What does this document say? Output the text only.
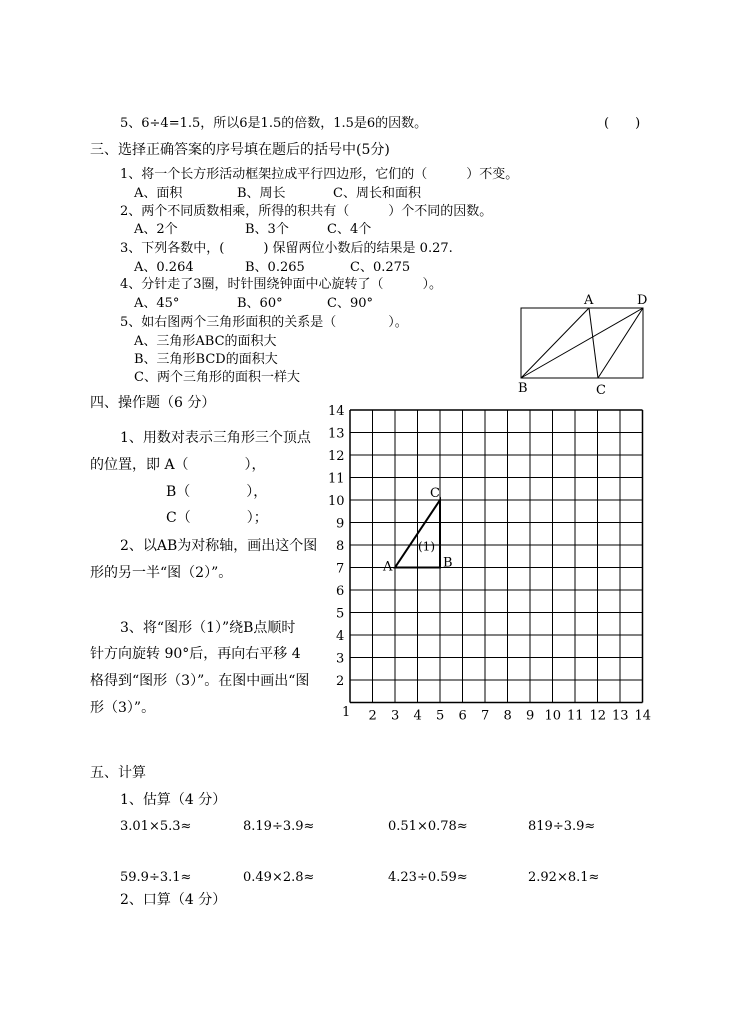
5、6÷4=1.5，所以6是1.5的倍数，1.5是6的因数。	(　　)
三、选择正确答案的序号填在题后的括号中(5分)
1、将一个长方形活动框架拉成平行四边形，它们的（　　　）不变。
A、面积	B、周长	C、周长和面积
2、两个不同质数相乘，所得的积共有（　　　）个不同的因数。
A、2个	B、3个	C、4个
3、下列各数中，(　　　) 保留两位小数后的结果是 0.27.
A、0.264	B、0.265	C、0.275
4、分针走了3圈，时针围绕钟面中心旋转了（　　　）。
A、45°	B、60°	C、90°
5、如右图两个三角形面积的关系是（　　　　）。
A、三角形ABC的面积大
B、三角形BCD的面积大
C、两个三角形的面积一样大
A	D
B	C
四、操作题（6 分）
1、用数对表示三角形三个顶点
的位置，即 A（　　　　），
B（　　　　），
C（　　　　）；
2、以AB为对称轴，画出这个图
形的另一半“图（2）”。
3、将“图形（1）”绕B点顺时
针方向旋转 90°后，再向右平移 4
格得到“图形（3）”。在图中画出“图
形（3）”。
14
13
12
11
10
9
8
7
6
5
4
3
2
2 3 4 5 6 7 8 9 10 11 12 13 14
1
A	B
C
(1)
五、计算
1、估算（4 分）
3.01×5.3≈	8.19÷3.9≈	0.51×0.78≈	819÷3.9≈
59.9÷3.1≈	0.49×2.8≈	4.23÷0.59≈	2.92×8.1≈
2、口算（4 分）
